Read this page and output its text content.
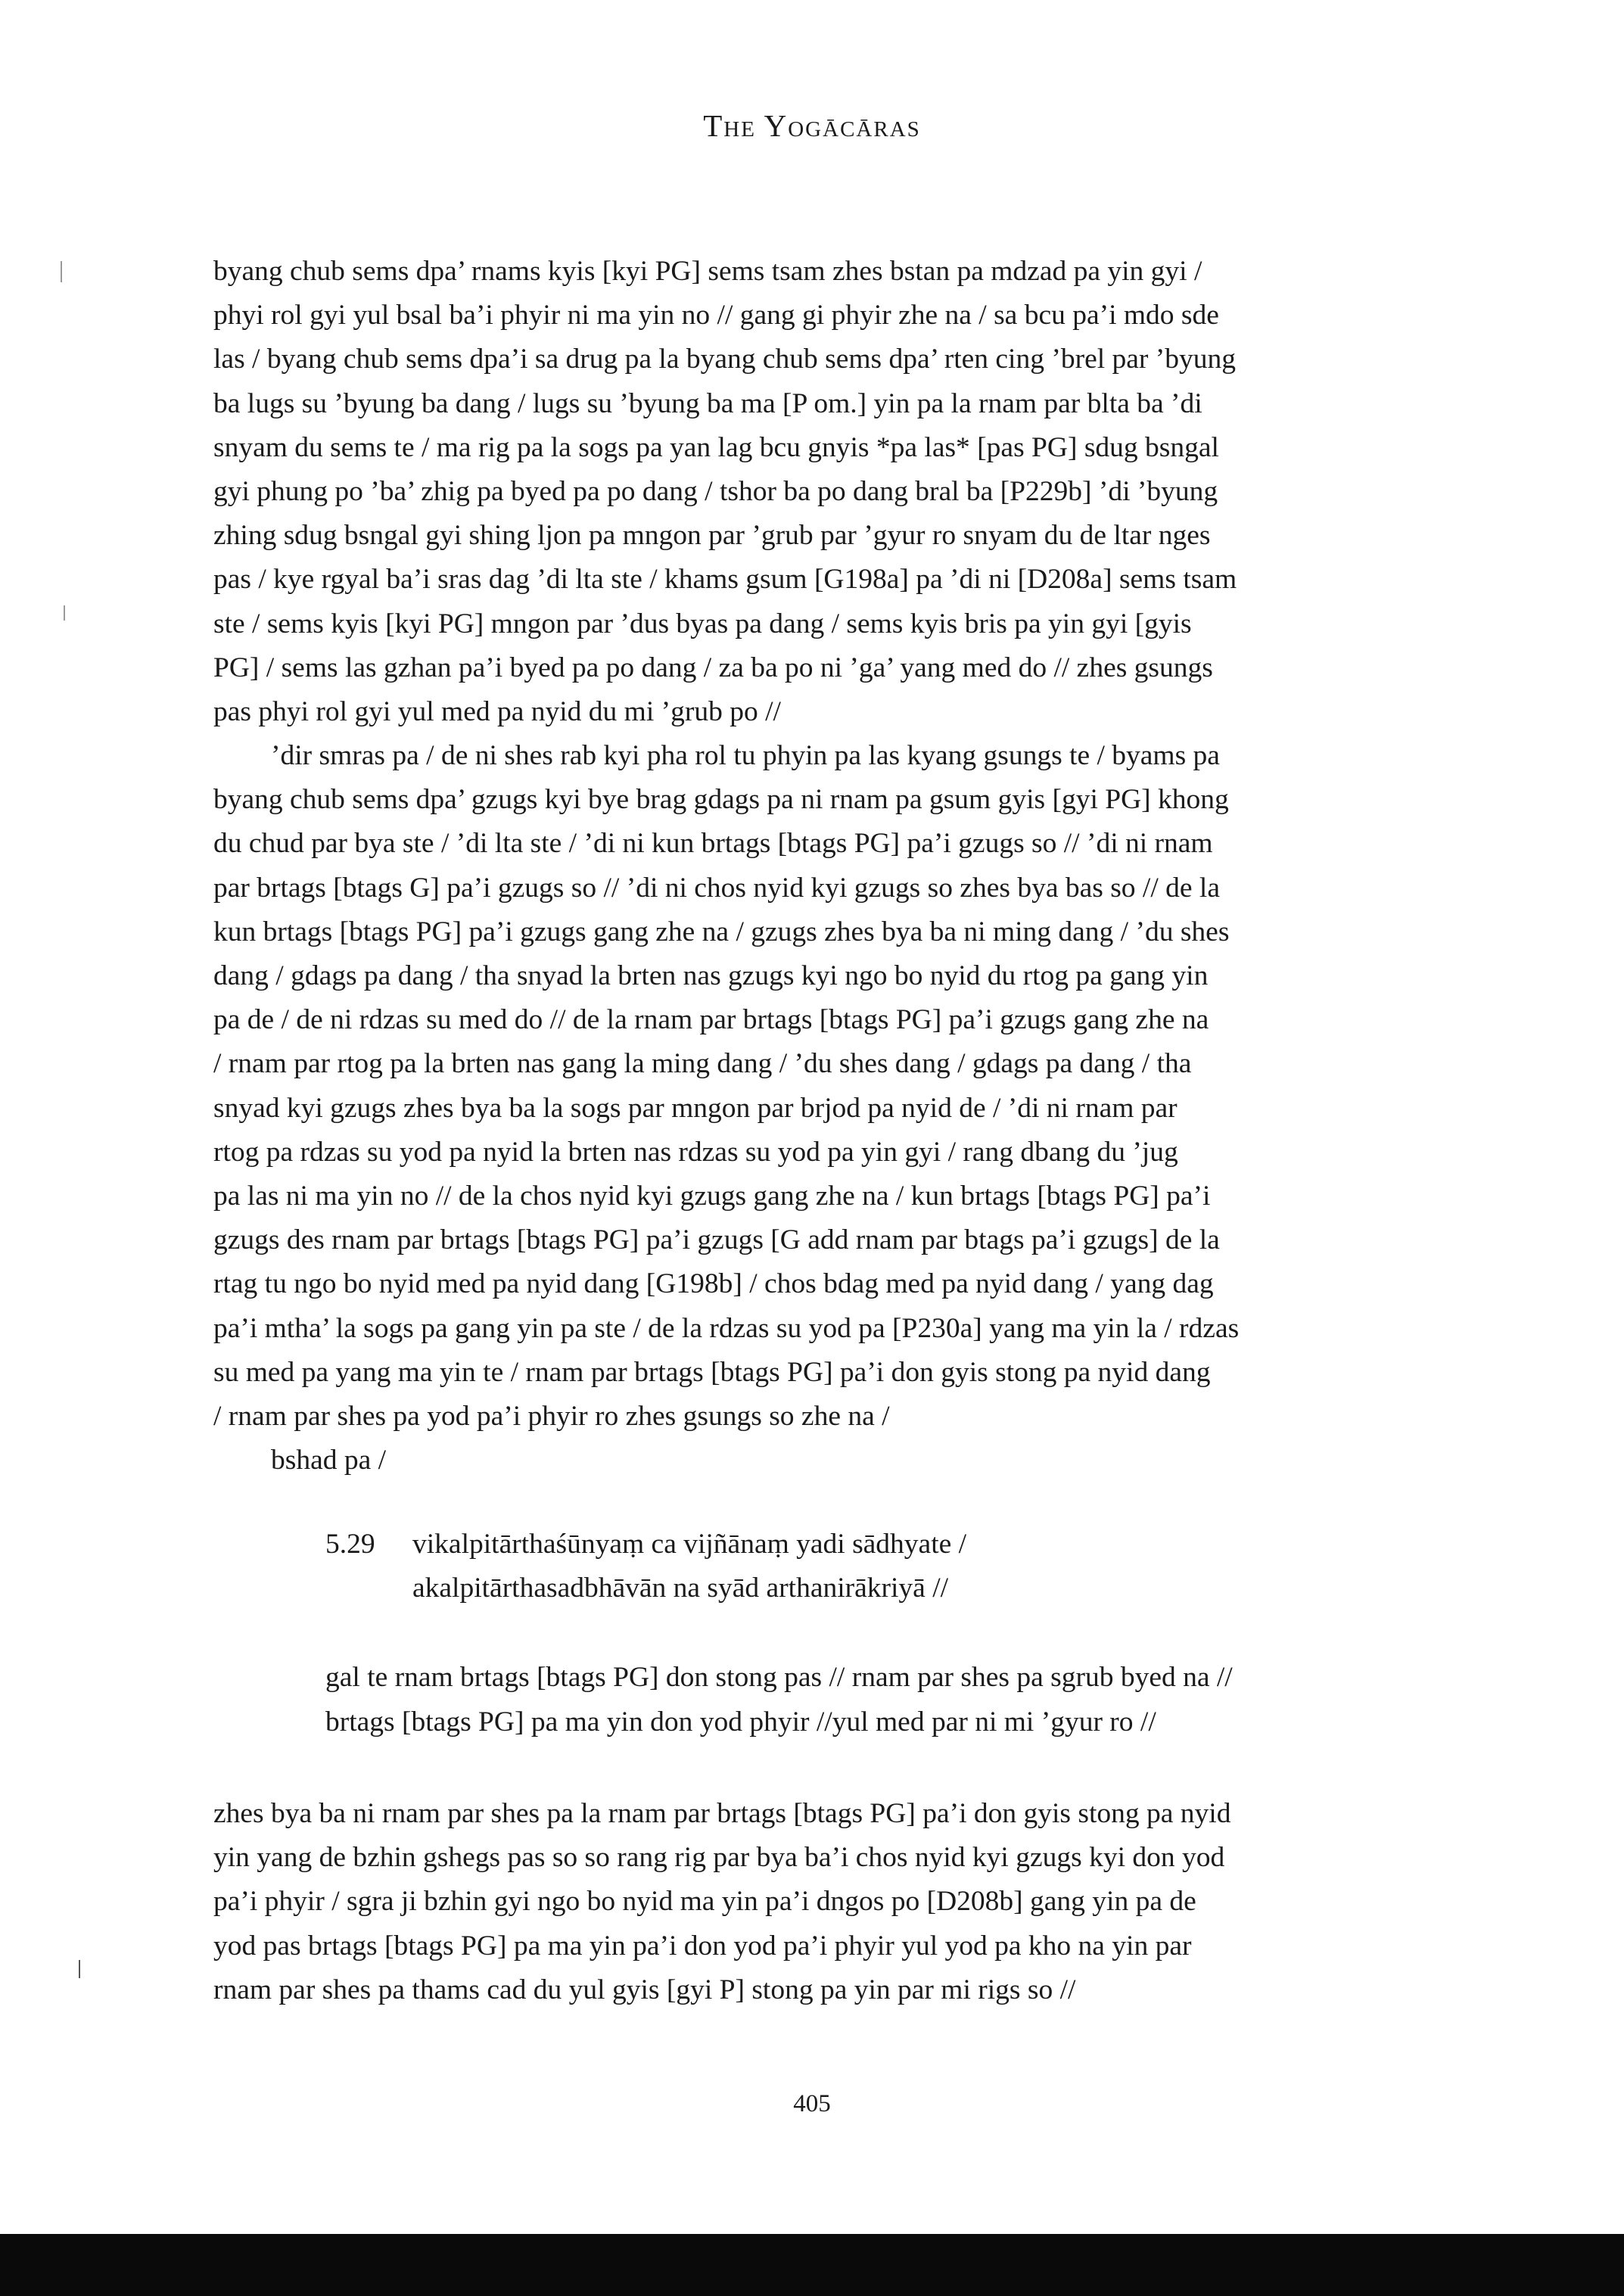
The Yogācāras
byang chub sems dpa’ rnams kyis [kyi PG] sems tsam zhes bstan pa mdzad pa yin gyi /
phyi rol gyi yul bsal ba’i phyir ni ma yin no // gang gi phyir zhe na / sa bcu pa’i mdo sde
las / byang chub sems dpa’i sa drug pa la byang chub sems dpa’ rten cing ’brel par ’byung
ba lugs su ’byung ba dang / lugs su ’byung ba ma [P om.] yin pa la rnam par blta ba ’di
snyam du sems te / ma rig pa la sogs pa yan lag bcu gnyis *pa las* [pas PG] sdug bsngal
gyi phung po ’ba’ zhig pa byed pa po dang / tshor ba po dang bral ba [P229b] ’di ’byung
zhing sdug bsngal gyi shing ljon pa mngon par ’grub par ’gyur ro snyam du de ltar nges
pas / kye rgyal ba’i sras dag ’di lta ste / khams gsum [G198a] pa ’di ni [D208a] sems tsam
ste / sems kyis [kyi PG] mngon par ’dus byas pa dang / sems kyis bris pa yin gyi [gyis
PG] / sems las gzhan pa’i byed pa po dang / za ba po ni ’ga’ yang med do // zhes gsungs
pas phyi rol gyi yul med pa nyid du mi ’grub po //
’dir smras pa / de ni shes rab kyi pha rol tu phyin pa las kyang gsungs te / byams pa
byang chub sems dpa’ gzugs kyi bye brag gdags pa ni rnam pa gsum gyis [gyi PG] khong
du chud par bya ste / ’di lta ste / ’di ni kun brtags [btags PG] pa’i gzugs so // ’di ni rnam
par brtags [btags G] pa’i gzugs so // ’di ni chos nyid kyi gzugs so zhes bya bas so // de la
kun brtags [btags PG] pa’i gzugs gang zhe na / gzugs zhes bya ba ni ming dang / ’du shes
dang / gdags pa dang / tha snyad la brten nas gzugs kyi ngo bo nyid du rtog pa gang yin
pa de / de ni rdzas su med do // de la rnam par brtags [btags PG] pa’i gzugs gang zhe na
/ rnam par rtog pa la brten nas gang la ming dang / ’du shes dang / gdags pa dang / tha
snyad kyi gzugs zhes bya ba la sogs par mngon par brjod pa nyid de / ’di ni rnam par
rtog pa rdzas su yod pa nyid la brten nas rdzas su yod pa yin gyi / rang dbang du ’jug
pa las ni ma yin no // de la chos nyid kyi gzugs gang zhe na / kun brtags [btags PG] pa’i
gzugs des rnam par brtags [btags PG] pa’i gzugs [G add rnam par btags pa’i gzugs] de la
rtag tu ngo bo nyid med pa nyid dang [G198b] / chos bdag med pa nyid dang / yang dag
pa’i mtha’ la sogs pa gang yin pa ste / de la rdzas su yod pa [P230a] yang ma yin la / rdzas
su med pa yang ma yin te / rnam par brtags [btags PG] pa’i don gyis stong pa nyid dang
/ rnam par shes pa yod pa’i phyir ro zhes gsungs so zhe na /
bshad pa /
5.29 vikalpitārthaśūnyaṃ ca vijñānaṃ yadi sādhyate /
akalpitārthasadbhāvān na syād arthanirākriyā //
gal te rnam brtags [btags PG] don stong pas // rnam par shes pa sgrub byed na //
brtags [btags PG] pa ma yin don yod phyir //yul med par ni mi ’gyur ro //
zhes bya ba ni rnam par shes pa la rnam par brtags [btags PG] pa’i don gyis stong pa nyid
yin yang de bzhin gshegs pas so so rang rig par bya ba’i chos nyid kyi gzugs kyi don yod
pa’i phyir / sgra ji bzhin gyi ngo bo nyid ma yin pa’i dngos po [D208b] gang yin pa de
yod pas brtags [btags PG] pa ma yin pa’i don yod pa’i phyir yul yod pa kho na yin par
rnam par shes pa thams cad du yul gyis [gyi P] stong pa yin par mi rigs so //
405
